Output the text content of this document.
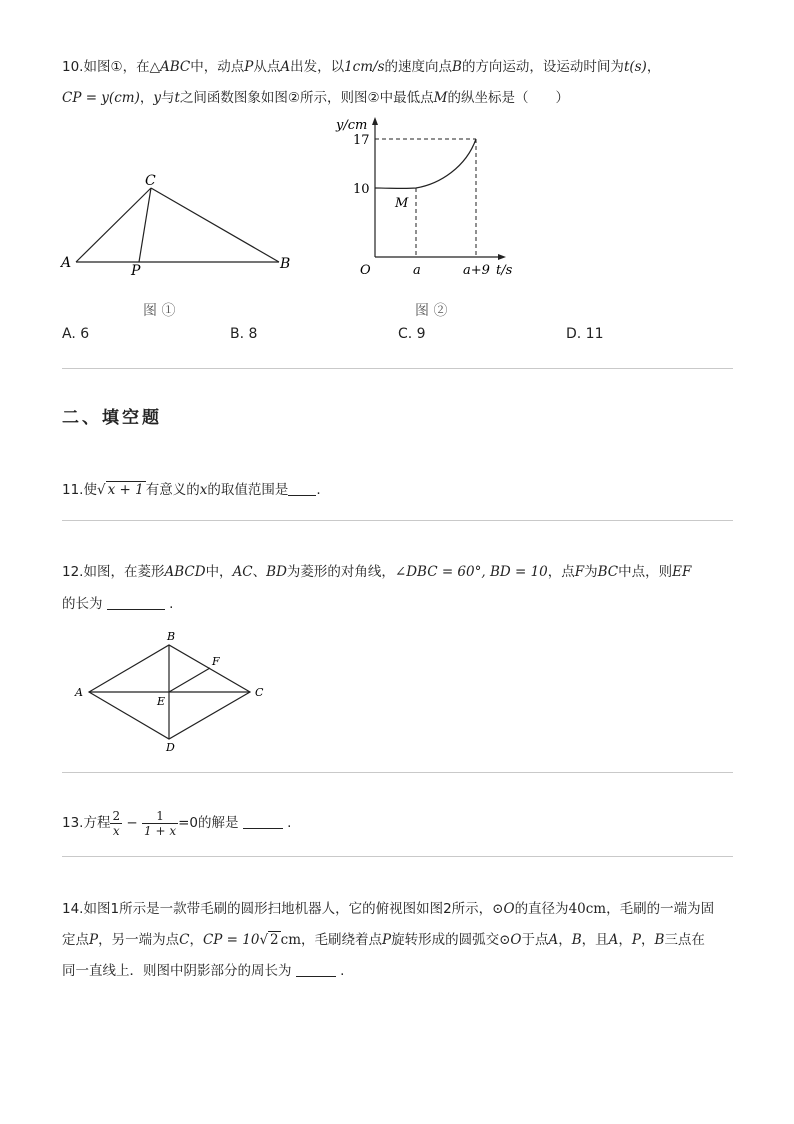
10.如图①，在△ABC中，动点P从点A出发，以1cm/s的速度向点B的方向运动，设运动时间为t(s)，
CP = y(cm)，y与t之间函数图象如图②所示，则图②中最低点M的纵坐标是（　　）
A	B
C
P
图 ①
y/cm
17
10
M
O	a	a+9 t/s
图 ②
A. 6	B. 8	C. 9	D. 11
二、填空题
11.使√ x + 1 有意义的x的取值范围是 .
12.如图，在菱形ABCD中，AC、BD为菱形的对角线，∠DBC = 60°, BD = 10，点F为BC中点，则EF
的长为	.
A
B
C
D
E
F
13.方程 $\frac{2}{x} - \frac{1}{1 + x} =0$的解是	.
14.如图1所示是一款带毛刷的圆形扫地机器人，它的俯视图如图2所示，⊙O的直径为40cm，毛刷的一端为固
定点P，另一端为点C，CP = 10√ 2 cm，毛刷绕着点P旋转形成的圆弧交⊙O于点A，B，且A，P，B三点在
同一直线上．则图中阴影部分的周长为	.
